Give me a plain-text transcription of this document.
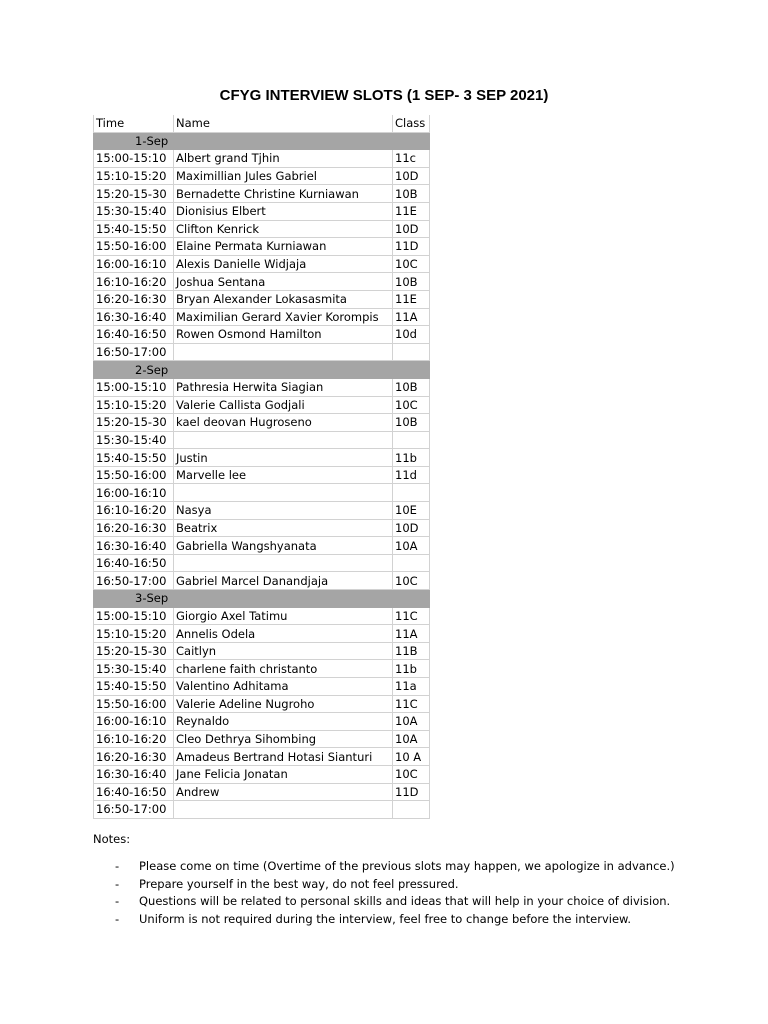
CFYG INTERVIEW SLOTS (1 SEP- 3 SEP 2021)
Time	Name	Class
1-Sep		
15:00-15:10	Albert grand Tjhin	11c
15:10-15:20	Maximillian Jules Gabriel	10D
15:20-15-30	Bernadette Christine Kurniawan	10B
15:30-15:40	Dionisius Elbert	11E
15:40-15:50	Clifton Kenrick	10D
15:50-16:00	Elaine Permata Kurniawan	11D
16:00-16:10	Alexis Danielle Widjaja	10C
16:10-16:20	Joshua Sentana	10B
16:20-16:30	Bryan Alexander Lokasasmita	11E
16:30-16:40	Maximilian Gerard Xavier Korompis	11A
16:40-16:50	Rowen Osmond Hamilton	10d
16:50-17:00		
2-Sep		
15:00-15:10	Pathresia Herwita Siagian	10B
15:10-15:20	Valerie Callista Godjali	10C
15:20-15-30	kael deovan Hugroseno	10B
15:30-15:40		
15:40-15:50	Justin	11b
15:50-16:00	Marvelle lee	11d
16:00-16:10		
16:10-16:20	Nasya	10E
16:20-16:30	Beatrix	10D
16:30-16:40	Gabriella Wangshyanata	10A
16:40-16:50		
16:50-17:00	Gabriel Marcel Danandjaja	10C
3-Sep		
15:00-15:10	Giorgio Axel Tatimu	11C
15:10-15:20	Annelis Odela	11A
15:20-15-30	Caitlyn	11B
15:30-15:40	charlene faith christanto	11b
15:40-15:50	Valentino Adhitama	11a
15:50-16:00	Valerie Adeline Nugroho	11C
16:00-16:10	Reynaldo	10A
16:10-16:20	Cleo Dethrya Sihombing	10A
16:20-16:30	Amadeus Bertrand Hotasi Sianturi	10 A
16:30-16:40	Jane Felicia Jonatan	10C
16:40-16:50	Andrew	11D
16:50-17:00		
Notes:
- Please come on time (Overtime of the previous slots may happen, we apologize in advance.)
- Prepare yourself in the best way, do not feel pressured.
- Questions will be related to personal skills and ideas that will help in your choice of division.
- Uniform is not required during the interview, feel free to change before the interview.
